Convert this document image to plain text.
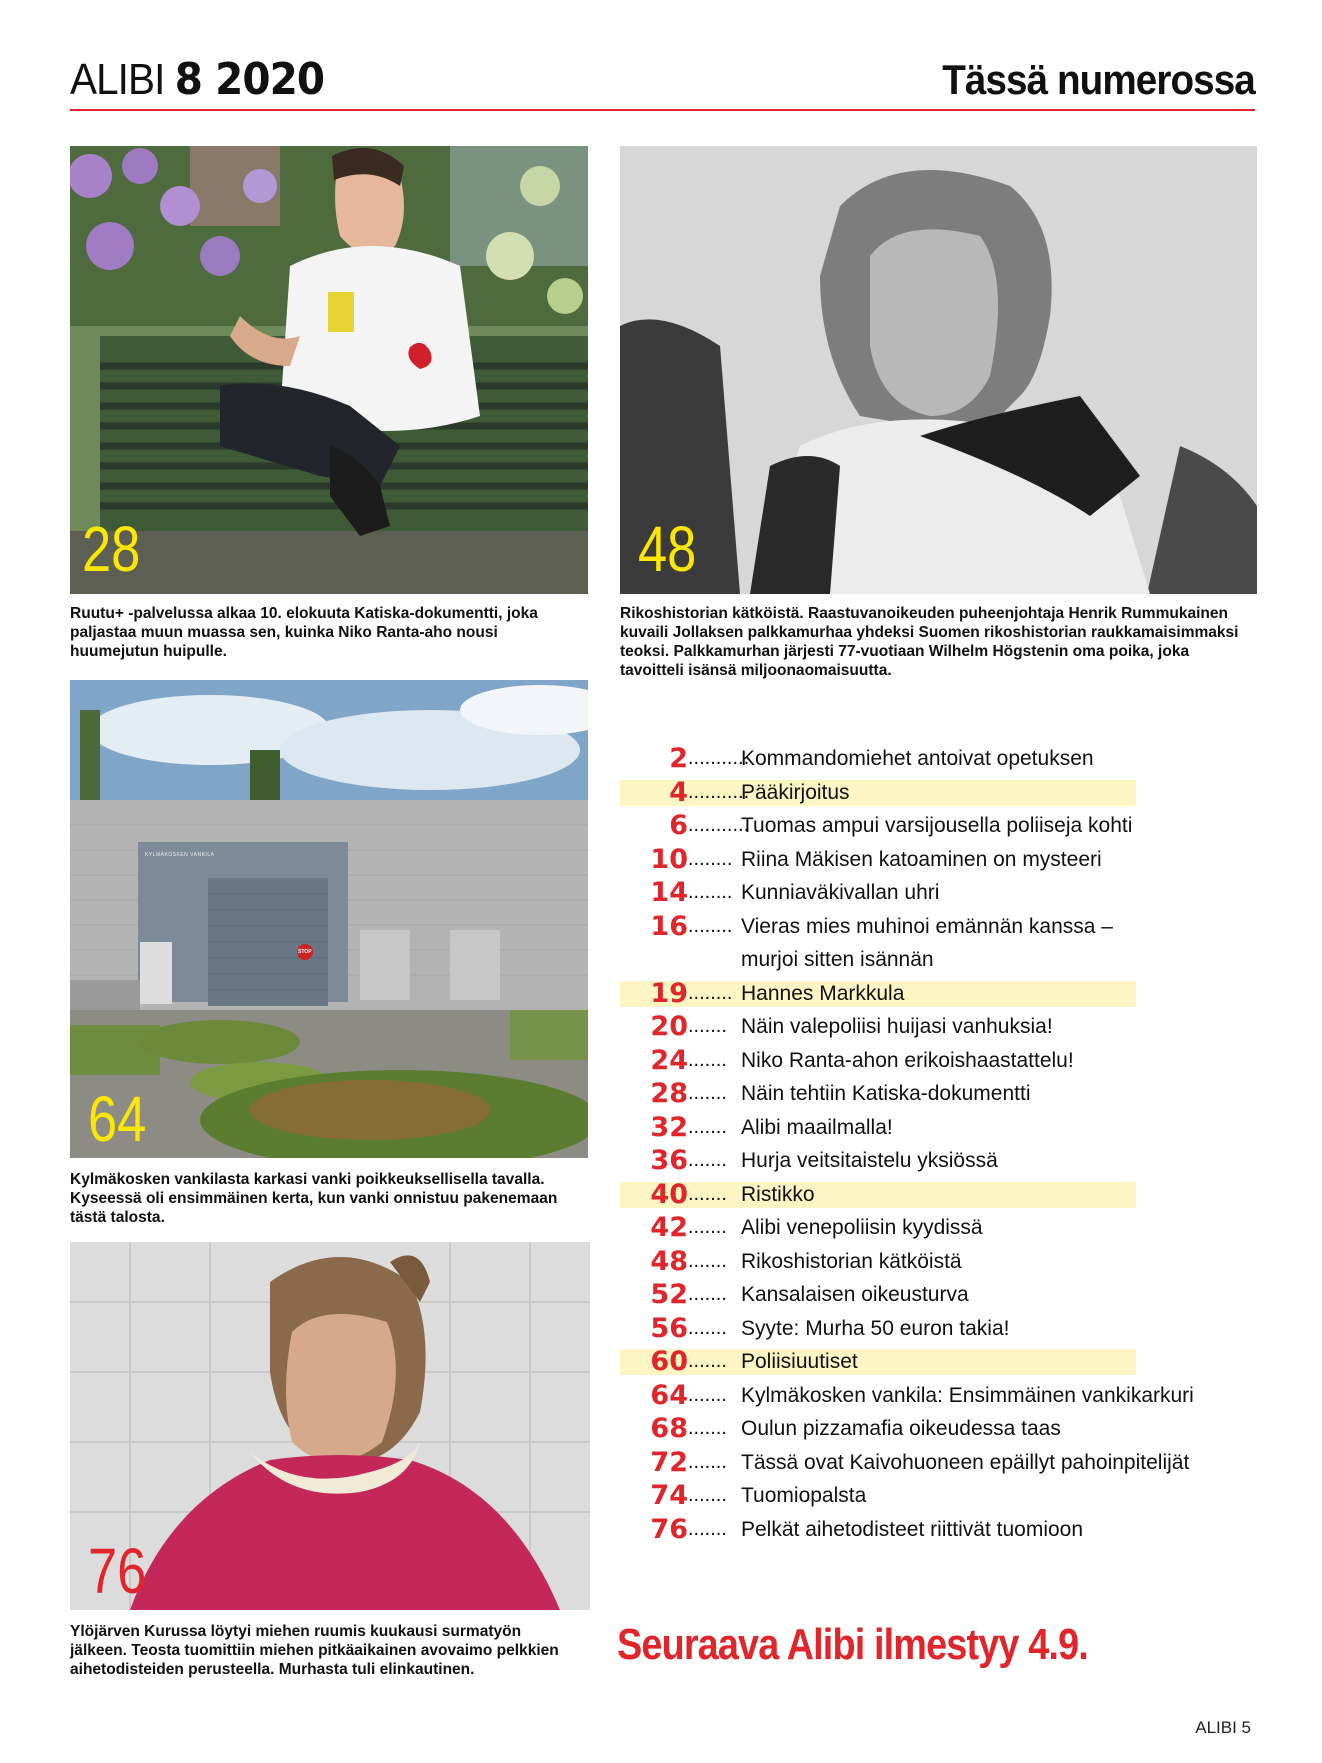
ALIBI 8 2020	Tässä numerossa
28
Ruutu+ -palvelussa alkaa 10. elokuuta Katiska-dokumentti, joka paljastaa muun muassa sen, kuinka Niko Ranta-aho nousi huumejutun huipulle.
48
Rikoshistorian kätköistä. Raastuvanoikeuden puheenjohtaja Henrik Rummukainen kuvaili Jollaksen palkkamurhaa yhdeksi Suomen rikoshistorian raukkamaisimmaksi teoksi. Palkkamurhan järjesti 77-vuotiaan Wilhelm Högstenin oma poika, joka tavoitteli isänsä miljoonaomaisuutta.
KYLMÄKOSKEN VANKILA
STOP
64
Kylmäkosken vankilasta karkasi vanki poikkeuksellisella tavalla. Kyseessä oli ensimmäinen kerta, kun vanki onnistuu pakenemaan tästä talosta.
76
Ylöjärven Kurussa löytyi miehen ruumis kuukausi surmatyön jälkeen. Teosta tuomittiin miehen pitkäaikainen avovaimo pelkkien aihetodisteiden perusteella. Murhasta tuli elinkautinen.
2 ...........
Kommandomiehet antoivat opetuksen
4 ...........
Pääkirjoitus
6 ...........
Tuomas ampui varsijousella poliiseja kohti
10 ........ Riina Mäkisen katoaminen on mysteeri
14 ........ Kunniaväkivallan uhri
16 ........ Vieras mies muhinoi emännän kanssa –
murjoi sitten isännän
19 ........ Hannes Markkula
20 ....... Näin valepoliisi huijasi vanhuksia!
24 ....... Niko Ranta-ahon erikoishaastattelu!
28 ....... Näin tehtiin Katiska-dokumentti
32 ....... Alibi maailmalla!
36 ....... Hurja veitsitaistelu yksiössä
40 ....... Ristikko
42 ....... Alibi venepoliisin kyydissä
48 ....... Rikoshistorian kätköistä
52 ....... Kansalaisen oikeusturva
56 ....... Syyte: Murha 50 euron takia!
60 ....... Poliisiuutiset
64 ....... Kylmäkosken vankila: Ensimmäinen vankikarkuri
68 ....... Oulun pizzamafia oikeudessa taas
72 ....... Tässä ovat Kaivohuoneen epäillyt pahoinpitelijät
74 ....... Tuomiopalsta
76 ....... Pelkät aihetodisteet riittivät tuomioon
Seuraava Alibi ilmestyy 4.9.
ALIBI 5
